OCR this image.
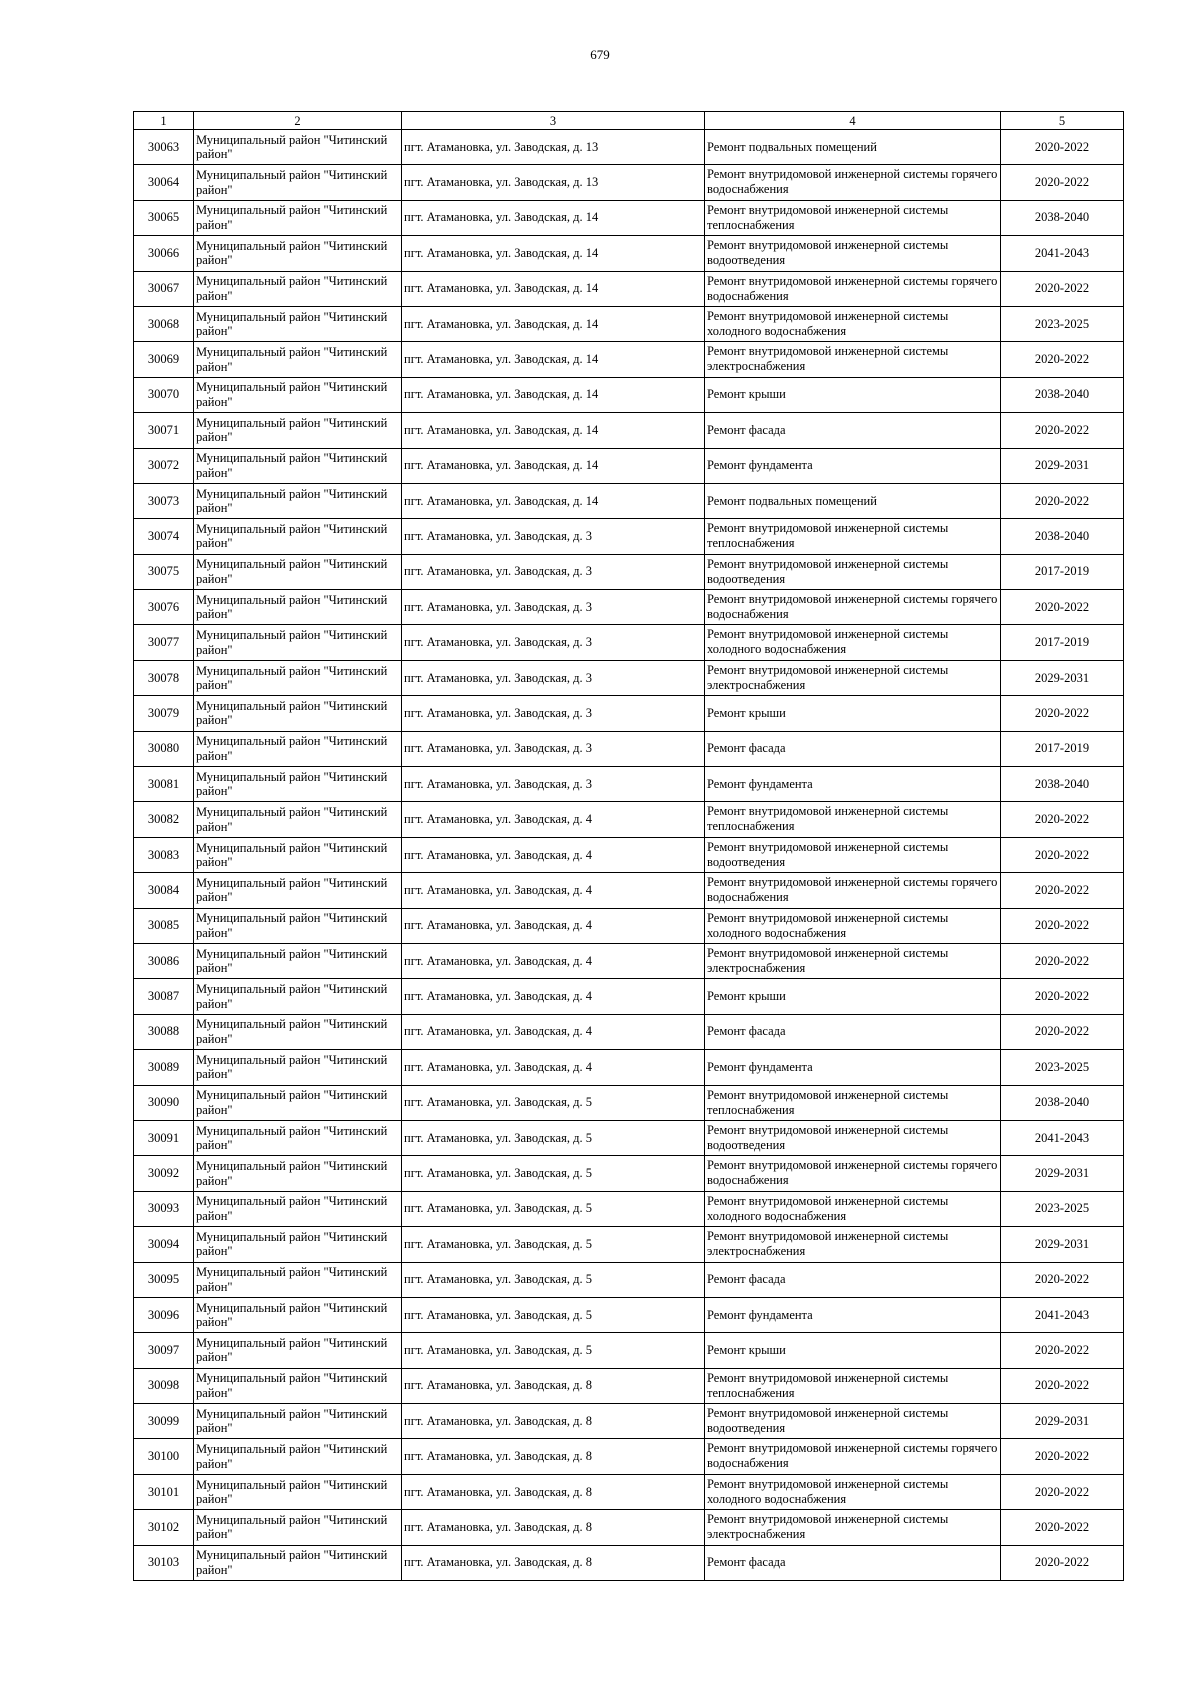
679
1	2	3	4	5
30063	Муниципальный район "Читинский район"	пгт. Атамановка, ул. Заводская, д. 13	Ремонт подвальных помещений	2020-2022
30064	Муниципальный район "Читинский район"	пгт. Атамановка, ул. Заводская, д. 13	Ремонт внутридомовой инженерной системы горячего водоснабжения	2020-2022
30065	Муниципальный район "Читинский район"	пгт. Атамановка, ул. Заводская, д. 14	Ремонт внутридомовой инженерной системы теплоснабжения	2038-2040
30066	Муниципальный район "Читинский район"	пгт. Атамановка, ул. Заводская, д. 14	Ремонт внутридомовой инженерной системы водоотведения	2041-2043
30067	Муниципальный район "Читинский район"	пгт. Атамановка, ул. Заводская, д. 14	Ремонт внутридомовой инженерной системы горячего водоснабжения	2020-2022
30068	Муниципальный район "Читинский район"	пгт. Атамановка, ул. Заводская, д. 14	Ремонт внутридомовой инженерной системы холодного водоснабжения	2023-2025
30069	Муниципальный район "Читинский район"	пгт. Атамановка, ул. Заводская, д. 14	Ремонт внутридомовой инженерной системы электроснабжения	2020-2022
30070	Муниципальный район "Читинский район"	пгт. Атамановка, ул. Заводская, д. 14	Ремонт крыши	2038-2040
30071	Муниципальный район "Читинский район"	пгт. Атамановка, ул. Заводская, д. 14	Ремонт фасада	2020-2022
30072	Муниципальный район "Читинский район"	пгт. Атамановка, ул. Заводская, д. 14	Ремонт фундамента	2029-2031
30073	Муниципальный район "Читинский район"	пгт. Атамановка, ул. Заводская, д. 14	Ремонт подвальных помещений	2020-2022
30074	Муниципальный район "Читинский район"	пгт. Атамановка, ул. Заводская, д. 3	Ремонт внутридомовой инженерной системы теплоснабжения	2038-2040
30075	Муниципальный район "Читинский район"	пгт. Атамановка, ул. Заводская, д. 3	Ремонт внутридомовой инженерной системы водоотведения	2017-2019
30076	Муниципальный район "Читинский район"	пгт. Атамановка, ул. Заводская, д. 3	Ремонт внутридомовой инженерной системы горячего водоснабжения	2020-2022
30077	Муниципальный район "Читинский район"	пгт. Атамановка, ул. Заводская, д. 3	Ремонт внутридомовой инженерной системы холодного водоснабжения	2017-2019
30078	Муниципальный район "Читинский район"	пгт. Атамановка, ул. Заводская, д. 3	Ремонт внутридомовой инженерной системы электроснабжения	2029-2031
30079	Муниципальный район "Читинский район"	пгт. Атамановка, ул. Заводская, д. 3	Ремонт крыши	2020-2022
30080	Муниципальный район "Читинский район"	пгт. Атамановка, ул. Заводская, д. 3	Ремонт фасада	2017-2019
30081	Муниципальный район "Читинский район"	пгт. Атамановка, ул. Заводская, д. 3	Ремонт фундамента	2038-2040
30082	Муниципальный район "Читинский район"	пгт. Атамановка, ул. Заводская, д. 4	Ремонт внутридомовой инженерной системы теплоснабжения	2020-2022
30083	Муниципальный район "Читинский район"	пгт. Атамановка, ул. Заводская, д. 4	Ремонт внутридомовой инженерной системы водоотведения	2020-2022
30084	Муниципальный район "Читинский район"	пгт. Атамановка, ул. Заводская, д. 4	Ремонт внутридомовой инженерной системы горячего водоснабжения	2020-2022
30085	Муниципальный район "Читинский район"	пгт. Атамановка, ул. Заводская, д. 4	Ремонт внутридомовой инженерной системы холодного водоснабжения	2020-2022
30086	Муниципальный район "Читинский район"	пгт. Атамановка, ул. Заводская, д. 4	Ремонт внутридомовой инженерной системы электроснабжения	2020-2022
30087	Муниципальный район "Читинский район"	пгт. Атамановка, ул. Заводская, д. 4	Ремонт крыши	2020-2022
30088	Муниципальный район "Читинский район"	пгт. Атамановка, ул. Заводская, д. 4	Ремонт фасада	2020-2022
30089	Муниципальный район "Читинский район"	пгт. Атамановка, ул. Заводская, д. 4	Ремонт фундамента	2023-2025
30090	Муниципальный район "Читинский район"	пгт. Атамановка, ул. Заводская, д. 5	Ремонт внутридомовой инженерной системы теплоснабжения	2038-2040
30091	Муниципальный район "Читинский район"	пгт. Атамановка, ул. Заводская, д. 5	Ремонт внутридомовой инженерной системы водоотведения	2041-2043
30092	Муниципальный район "Читинский район"	пгт. Атамановка, ул. Заводская, д. 5	Ремонт внутридомовой инженерной системы горячего водоснабжения	2029-2031
30093	Муниципальный район "Читинский район"	пгт. Атамановка, ул. Заводская, д. 5	Ремонт внутридомовой инженерной системы холодного водоснабжения	2023-2025
30094	Муниципальный район "Читинский район"	пгт. Атамановка, ул. Заводская, д. 5	Ремонт внутридомовой инженерной системы электроснабжения	2029-2031
30095	Муниципальный район "Читинский район"	пгт. Атамановка, ул. Заводская, д. 5	Ремонт фасада	2020-2022
30096	Муниципальный район "Читинский район"	пгт. Атамановка, ул. Заводская, д. 5	Ремонт фундамента	2041-2043
30097	Муниципальный район "Читинский район"	пгт. Атамановка, ул. Заводская, д. 5	Ремонт крыши	2020-2022
30098	Муниципальный район "Читинский район"	пгт. Атамановка, ул. Заводская, д. 8	Ремонт внутридомовой инженерной системы теплоснабжения	2020-2022
30099	Муниципальный район "Читинский район"	пгт. Атамановка, ул. Заводская, д. 8	Ремонт внутридомовой инженерной системы водоотведения	2029-2031
30100	Муниципальный район "Читинский район"	пгт. Атамановка, ул. Заводская, д. 8	Ремонт внутридомовой инженерной системы горячего водоснабжения	2020-2022
30101	Муниципальный район "Читинский район"	пгт. Атамановка, ул. Заводская, д. 8	Ремонт внутридомовой инженерной системы холодного водоснабжения	2020-2022
30102	Муниципальный район "Читинский район"	пгт. Атамановка, ул. Заводская, д. 8	Ремонт внутридомовой инженерной системы электроснабжения	2020-2022
30103	Муниципальный район "Читинский район"	пгт. Атамановка, ул. Заводская, д. 8	Ремонт фасада	2020-2022
